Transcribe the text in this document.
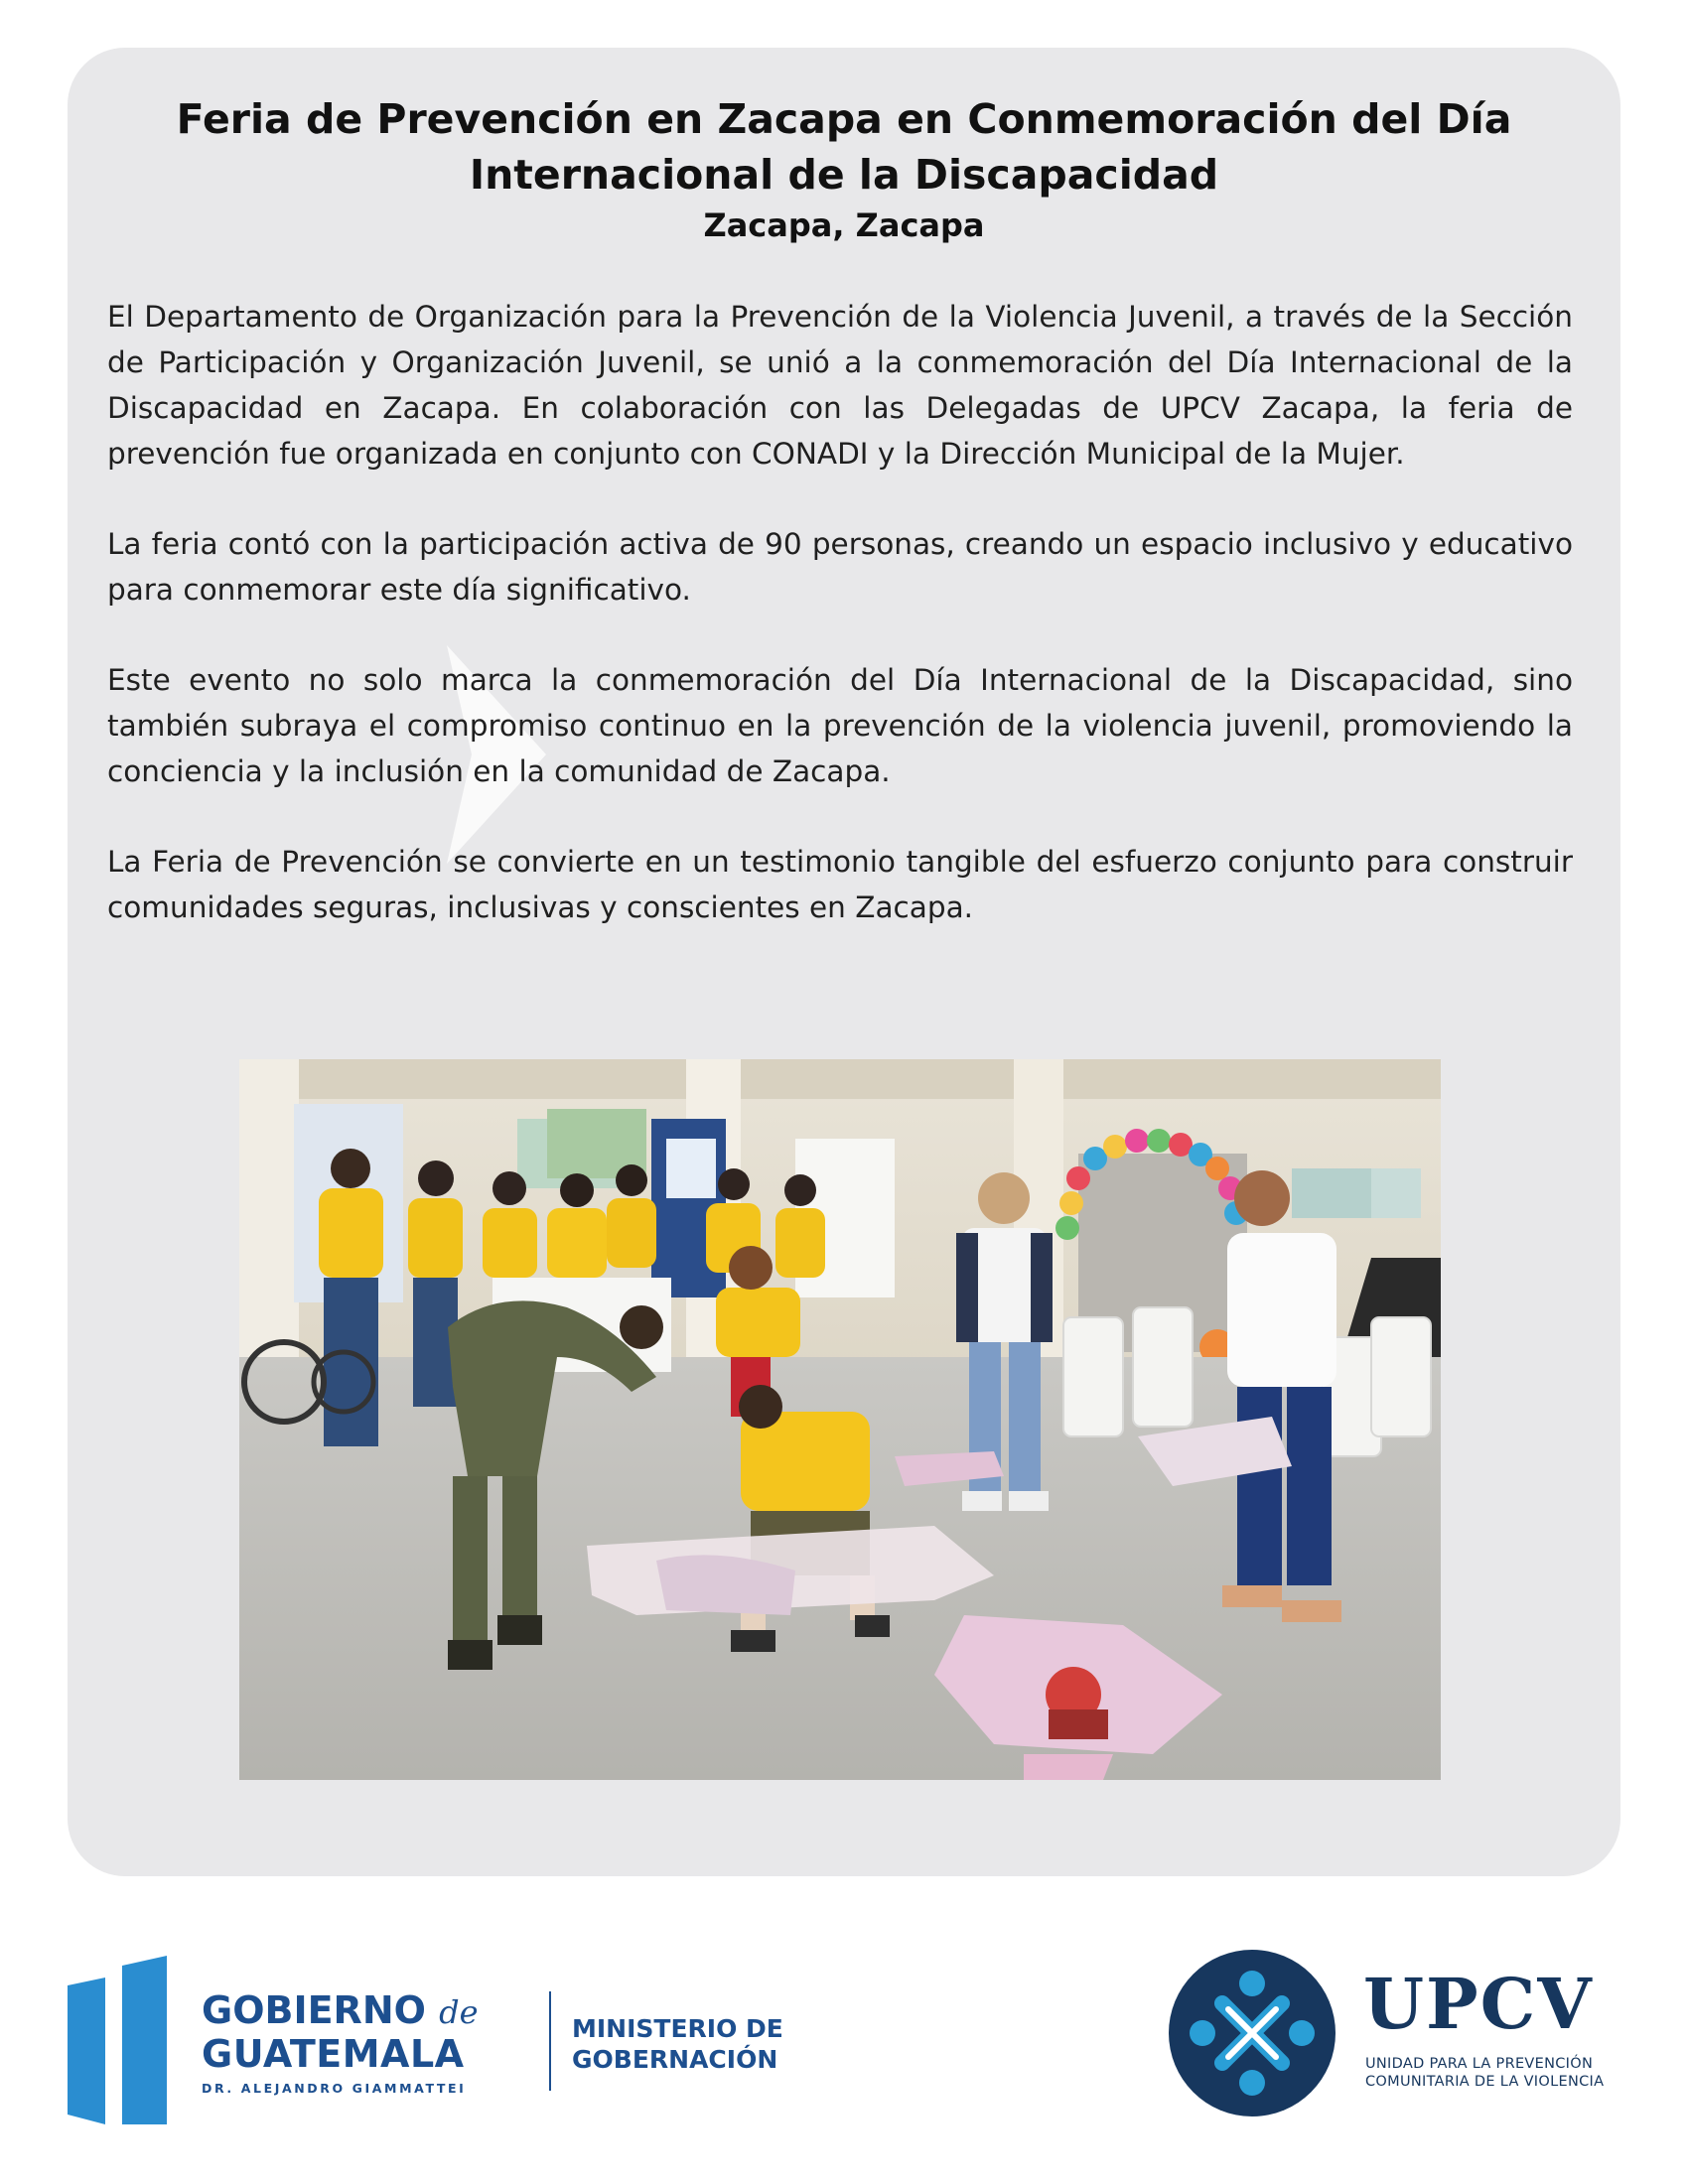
Feria de Prevención en Zacapa en Conmemoración del Día Internacional de la Discapacidad
Zacapa, Zacapa

El Departamento de Organización para la Prevención de la Violencia Juvenil, a través de la Sección de Participación y Organización Juvenil, se unió a la conmemoración del Día Internacional de la Discapacidad en Zacapa. En colaboración con las Delegadas de UPCV Zacapa, la feria de prevención fue organizada en conjunto con CONADI y la Dirección Municipal de la Mujer.

La feria contó con la participación activa de 90 personas, creando un espacio inclusivo y educativo para conmemorar este día significativo.

Este evento no solo marca la conmemoración del Día Internacional de la Discapacidad, sino también subraya el compromiso continuo en la prevención de la violencia juvenil, promoviendo la conciencia y la inclusión en la comunidad de Zacapa.

La Feria de Prevención se convierte en un testimonio tangible del esfuerzo conjunto para construir comunidades seguras, inclusivas y conscientes en Zacapa.

GOBIERNO de
GUATEMALA
DR. ALEJANDRO GIAMMATTEI
MINISTERIO DE
GOBERNACIÓN
UPCV
UNIDAD PARA LA PREVENCIÓN
COMUNITARIA DE LA VIOLENCIA
